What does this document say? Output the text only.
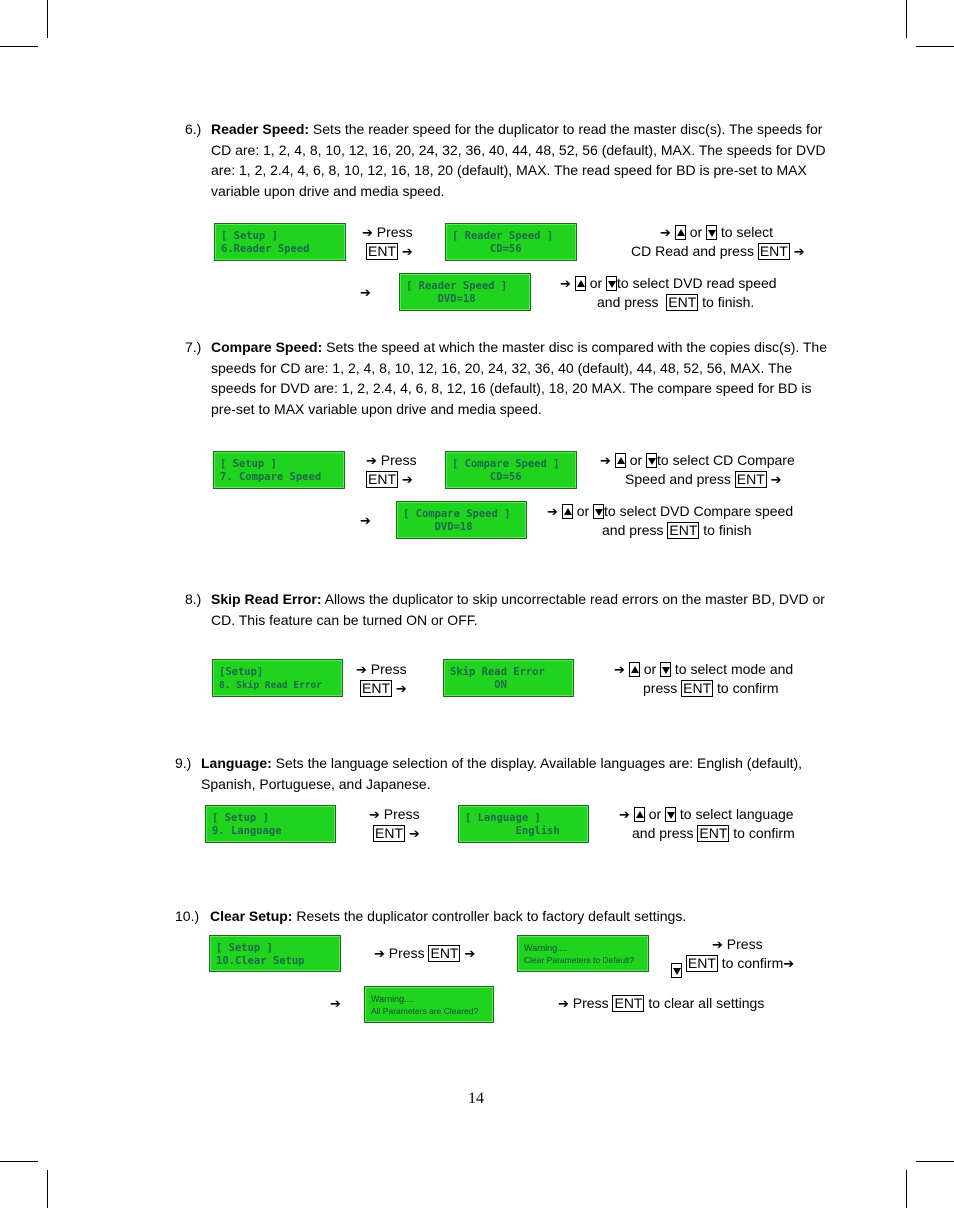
6.) Reader Speed: Sets the reader speed for the duplicator to read the master disc(s). The speeds for CD are: 1, 2, 4, 8, 10, 12, 16, 20, 24, 32, 36, 40, 44, 48, 52, 56 (default), MAX. The speeds for DVD are: 1, 2, 2.4, 4, 6, 8, 10, 12, 16, 18, 20 (default), MAX. The read speed for BD is pre-set to MAX variable upon drive and media speed.
[ Setup ]
6.Reader Speed
➔ Press
ENT ➔
[ Reader Speed ]
CD=56
➔ or to select
CD Read and press ENT ➔
➔	[ Reader Speed ]
DVD=18
➔ or to select DVD read speed
and press ENT to finish.
7.) Compare Speed: Sets the speed at which the master disc is compared with the copies disc(s). The speeds for CD are: 1, 2, 4, 8, 10, 12, 16, 20, 24, 32, 36, 40 (default), 44, 48, 52, 56, MAX. The speeds for DVD are: 1, 2, 2.4, 4, 6, 8, 12, 16 (default), 18, 20 MAX. The compare speed for BD is pre-set to MAX variable upon drive and media speed.
[ Setup ]
7. Compare Speed
➔ Press
ENT ➔
[ Compare Speed ]
CD=56
➔ or to select CD Compare
Speed and press ENT ➔
➔	[ Compare Speed ]
DVD=18
➔ or to select DVD Compare speed
and press ENT to finish
8.) Skip Read Error: Allows the duplicator to skip uncorrectable read errors on the master BD, DVD or CD. This feature can be turned ON or OFF.
[Setup]
8. Skip Read Error
➔ Press
ENT ➔
Skip Read Error
ON
➔ or  to select mode and
press ENT to confirm
9.) Language: Sets the language selection of the display. Available languages are: English (default), Spanish, Portuguese, and Japanese.
[ Setup ]
9. Language
➔ Press
ENT ➔
[ Language ]
English
➔ or  to select language
and press ENT to confirm
10.) Clear Setup: Resets the duplicator controller back to factory default settings.
[ Setup ]
10.Clear Setup	➔ Press ENT ➔	Warning....
Clear Parameters to Default?
➔ Press
ENT to confirm➔
➔	Warning....
All Parameters are Cleared?	➔ Press ENT to clear all settings
14
